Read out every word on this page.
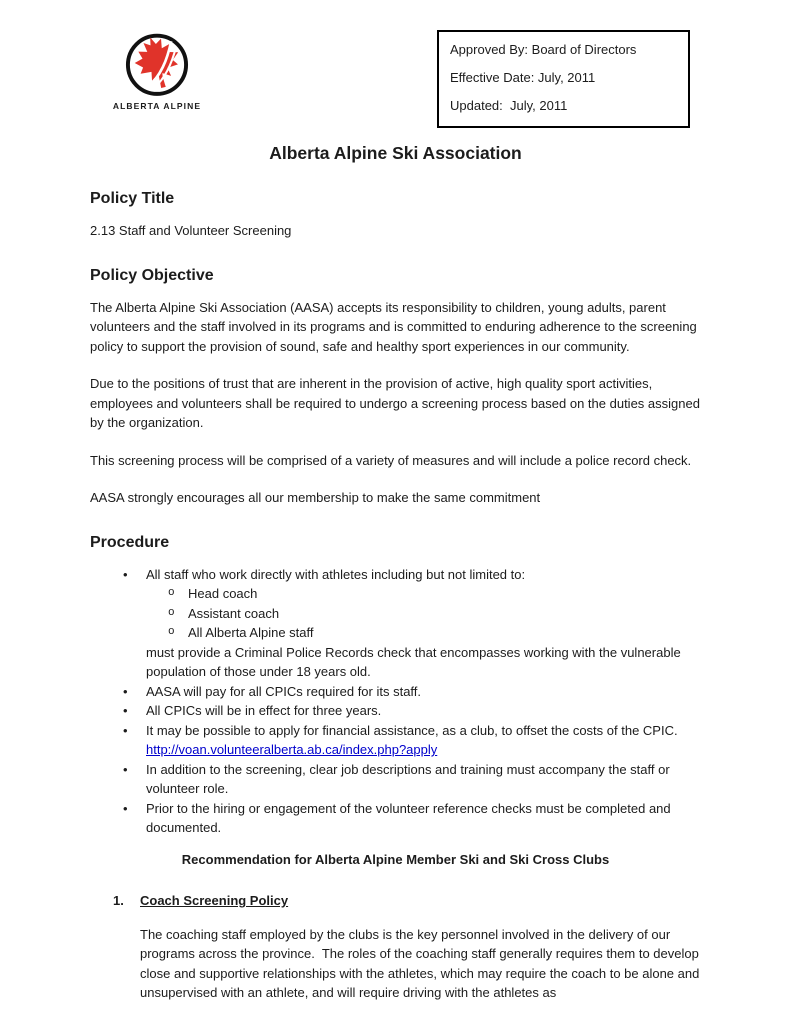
ALBERTA ALPINE

Approved By: Board of Directors

Effective Date: July, 2011

Updated:  July, 2011

Alberta Alpine Ski Association
Policy Title

2.13 Staff and Volunteer Screening

Policy Objective

The Alberta Alpine Ski Association (AASA) accepts its responsibility to children, young adults, parent volunteers and the staff involved in its programs and is committed to enduring adherence to the screening policy to support the provision of sound, safe and healthy sport experiences in our community.

Due to the positions of trust that are inherent in the provision of active, high quality sport activities, employees and volunteers shall be required to undergo a screening process based on the duties assigned by the organization.

This screening process will be comprised of a variety of measures and will include a police record check.

AASA strongly encourages all our membership to make the same commitment

Procedure
• All staff who work directly with athletes including but not limited to:
o Head coach
o Assistant coach
o All Alberta Alpine staff
must provide a Criminal Police Records check that encompasses working with the vulnerable population of those under 18 years old.
• AASA will pay for all CPICs required for its staff.
• All CPICs will be in effect for three years.
• It may be possible to apply for financial assistance, as a club, to offset the costs of the CPIC.
http://voan.volunteeralberta.ab.ca/index.php?apply
• In addition to the screening, clear job descriptions and training must accompany the staff or volunteer role.
• Prior to the hiring or engagement of the volunteer reference checks must be completed and documented.

Recommendation for Alberta Alpine Member Ski and Ski Cross Clubs

1.	Coach Screening Policy

The coaching staff employed by the clubs is the key personnel involved in the delivery of our programs across the province.  The roles of the coaching staff generally requires them to develop close and supportive relationships with the athletes, which may require the coach to be alone and unsupervised with an athlete, and will require driving with the athletes as
